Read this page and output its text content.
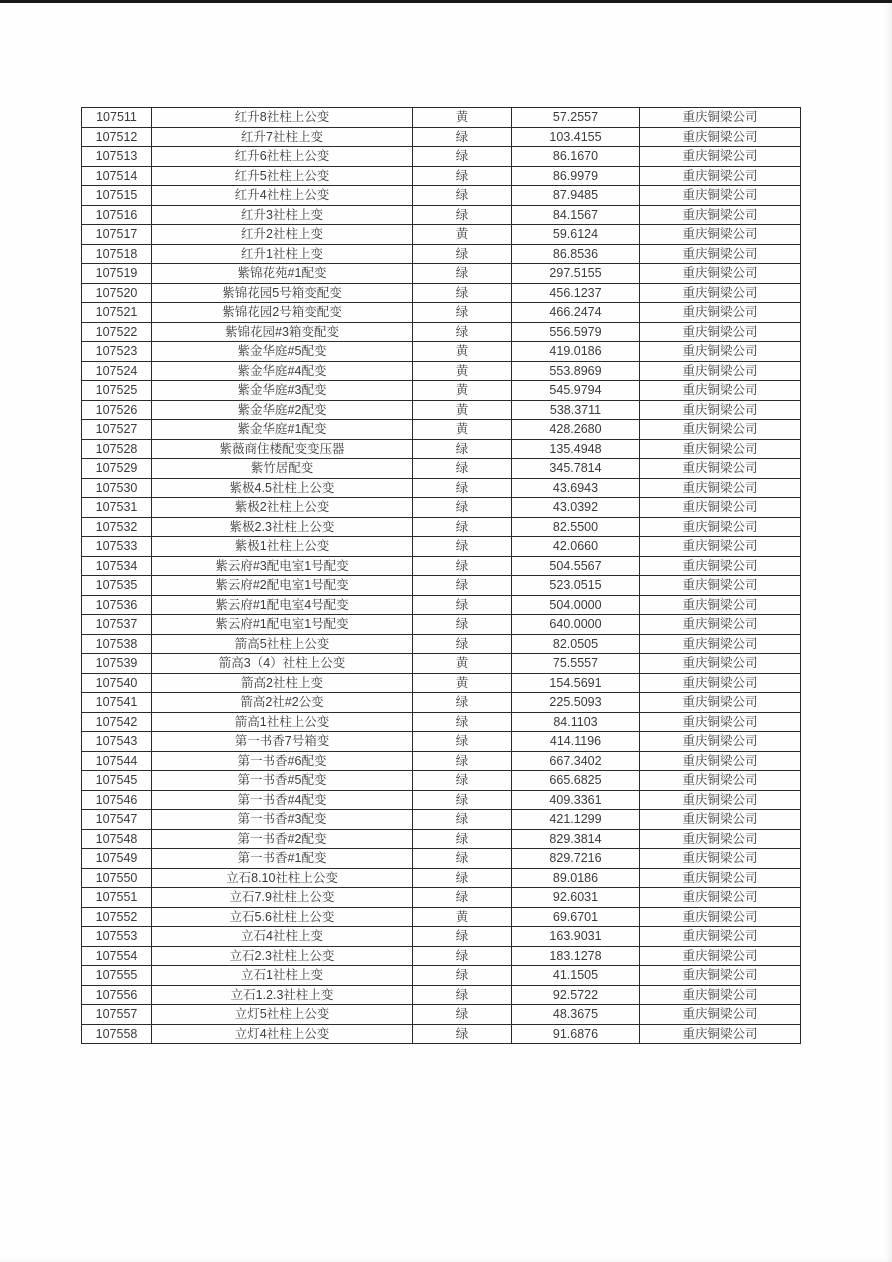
107511	红升8社柱上公变	黄	57.2557	重庆铜梁公司
107512	红升7社柱上变	绿	103.4155	重庆铜梁公司
107513	红升6社柱上公变	绿	86.1670	重庆铜梁公司
107514	红升5社柱上公变	绿	86.9979	重庆铜梁公司
107515	红升4社柱上公变	绿	87.9485	重庆铜梁公司
107516	红升3社柱上变	绿	84.1567	重庆铜梁公司
107517	红升2社柱上变	黄	59.6124	重庆铜梁公司
107518	红升1社柱上变	绿	86.8536	重庆铜梁公司
107519	紫锦花苑#1配变	绿	297.5155	重庆铜梁公司
107520	紫锦花园5号箱变配变	绿	456.1237	重庆铜梁公司
107521	紫锦花园2号箱变配变	绿	466.2474	重庆铜梁公司
107522	紫锦花园#3箱变配变	绿	556.5979	重庆铜梁公司
107523	紫金华庭#5配变	黄	419.0186	重庆铜梁公司
107524	紫金华庭#4配变	黄	553.8969	重庆铜梁公司
107525	紫金华庭#3配变	黄	545.9794	重庆铜梁公司
107526	紫金华庭#2配变	黄	538.3711	重庆铜梁公司
107527	紫金华庭#1配变	黄	428.2680	重庆铜梁公司
107528	紫薇商住楼配变变压器	绿	135.4948	重庆铜梁公司
107529	紫竹居配变	绿	345.7814	重庆铜梁公司
107530	紫极4.5社柱上公变	绿	43.6943	重庆铜梁公司
107531	紫极2社柱上公变	绿	43.0392	重庆铜梁公司
107532	紫极2.3社柱上公变	绿	82.5500	重庆铜梁公司
107533	紫极1社柱上公变	绿	42.0660	重庆铜梁公司
107534	紫云府#3配电室1号配变	绿	504.5567	重庆铜梁公司
107535	紫云府#2配电室1号配变	绿	523.0515	重庆铜梁公司
107536	紫云府#1配电室4号配变	绿	504.0000	重庆铜梁公司
107537	紫云府#1配电室1号配变	绿	640.0000	重庆铜梁公司
107538	箭高5社柱上公变	绿	82.0505	重庆铜梁公司
107539	箭高3（4）社柱上公变	黄	75.5557	重庆铜梁公司
107540	箭高2社柱上变	黄	154.5691	重庆铜梁公司
107541	箭高2社#2公变	绿	225.5093	重庆铜梁公司
107542	箭高1社柱上公变	绿	84.1103	重庆铜梁公司
107543	第一书香7号箱变	绿	414.1196	重庆铜梁公司
107544	第一书香#6配变	绿	667.3402	重庆铜梁公司
107545	第一书香#5配变	绿	665.6825	重庆铜梁公司
107546	第一书香#4配变	绿	409.3361	重庆铜梁公司
107547	第一书香#3配变	绿	421.1299	重庆铜梁公司
107548	第一书香#2配变	绿	829.3814	重庆铜梁公司
107549	第一书香#1配变	绿	829.7216	重庆铜梁公司
107550	立石8.10社柱上公变	绿	89.0186	重庆铜梁公司
107551	立石7.9社柱上公变	绿	92.6031	重庆铜梁公司
107552	立石5.6社柱上公变	黄	69.6701	重庆铜梁公司
107553	立石4社柱上变	绿	163.9031	重庆铜梁公司
107554	立石2.3社柱上公变	绿	183.1278	重庆铜梁公司
107555	立石1社柱上变	绿	41.1505	重庆铜梁公司
107556	立石1.2.3社柱上变	绿	92.5722	重庆铜梁公司
107557	立灯5社柱上公变	绿	48.3675	重庆铜梁公司
107558	立灯4社柱上公变	绿	91.6876	重庆铜梁公司
